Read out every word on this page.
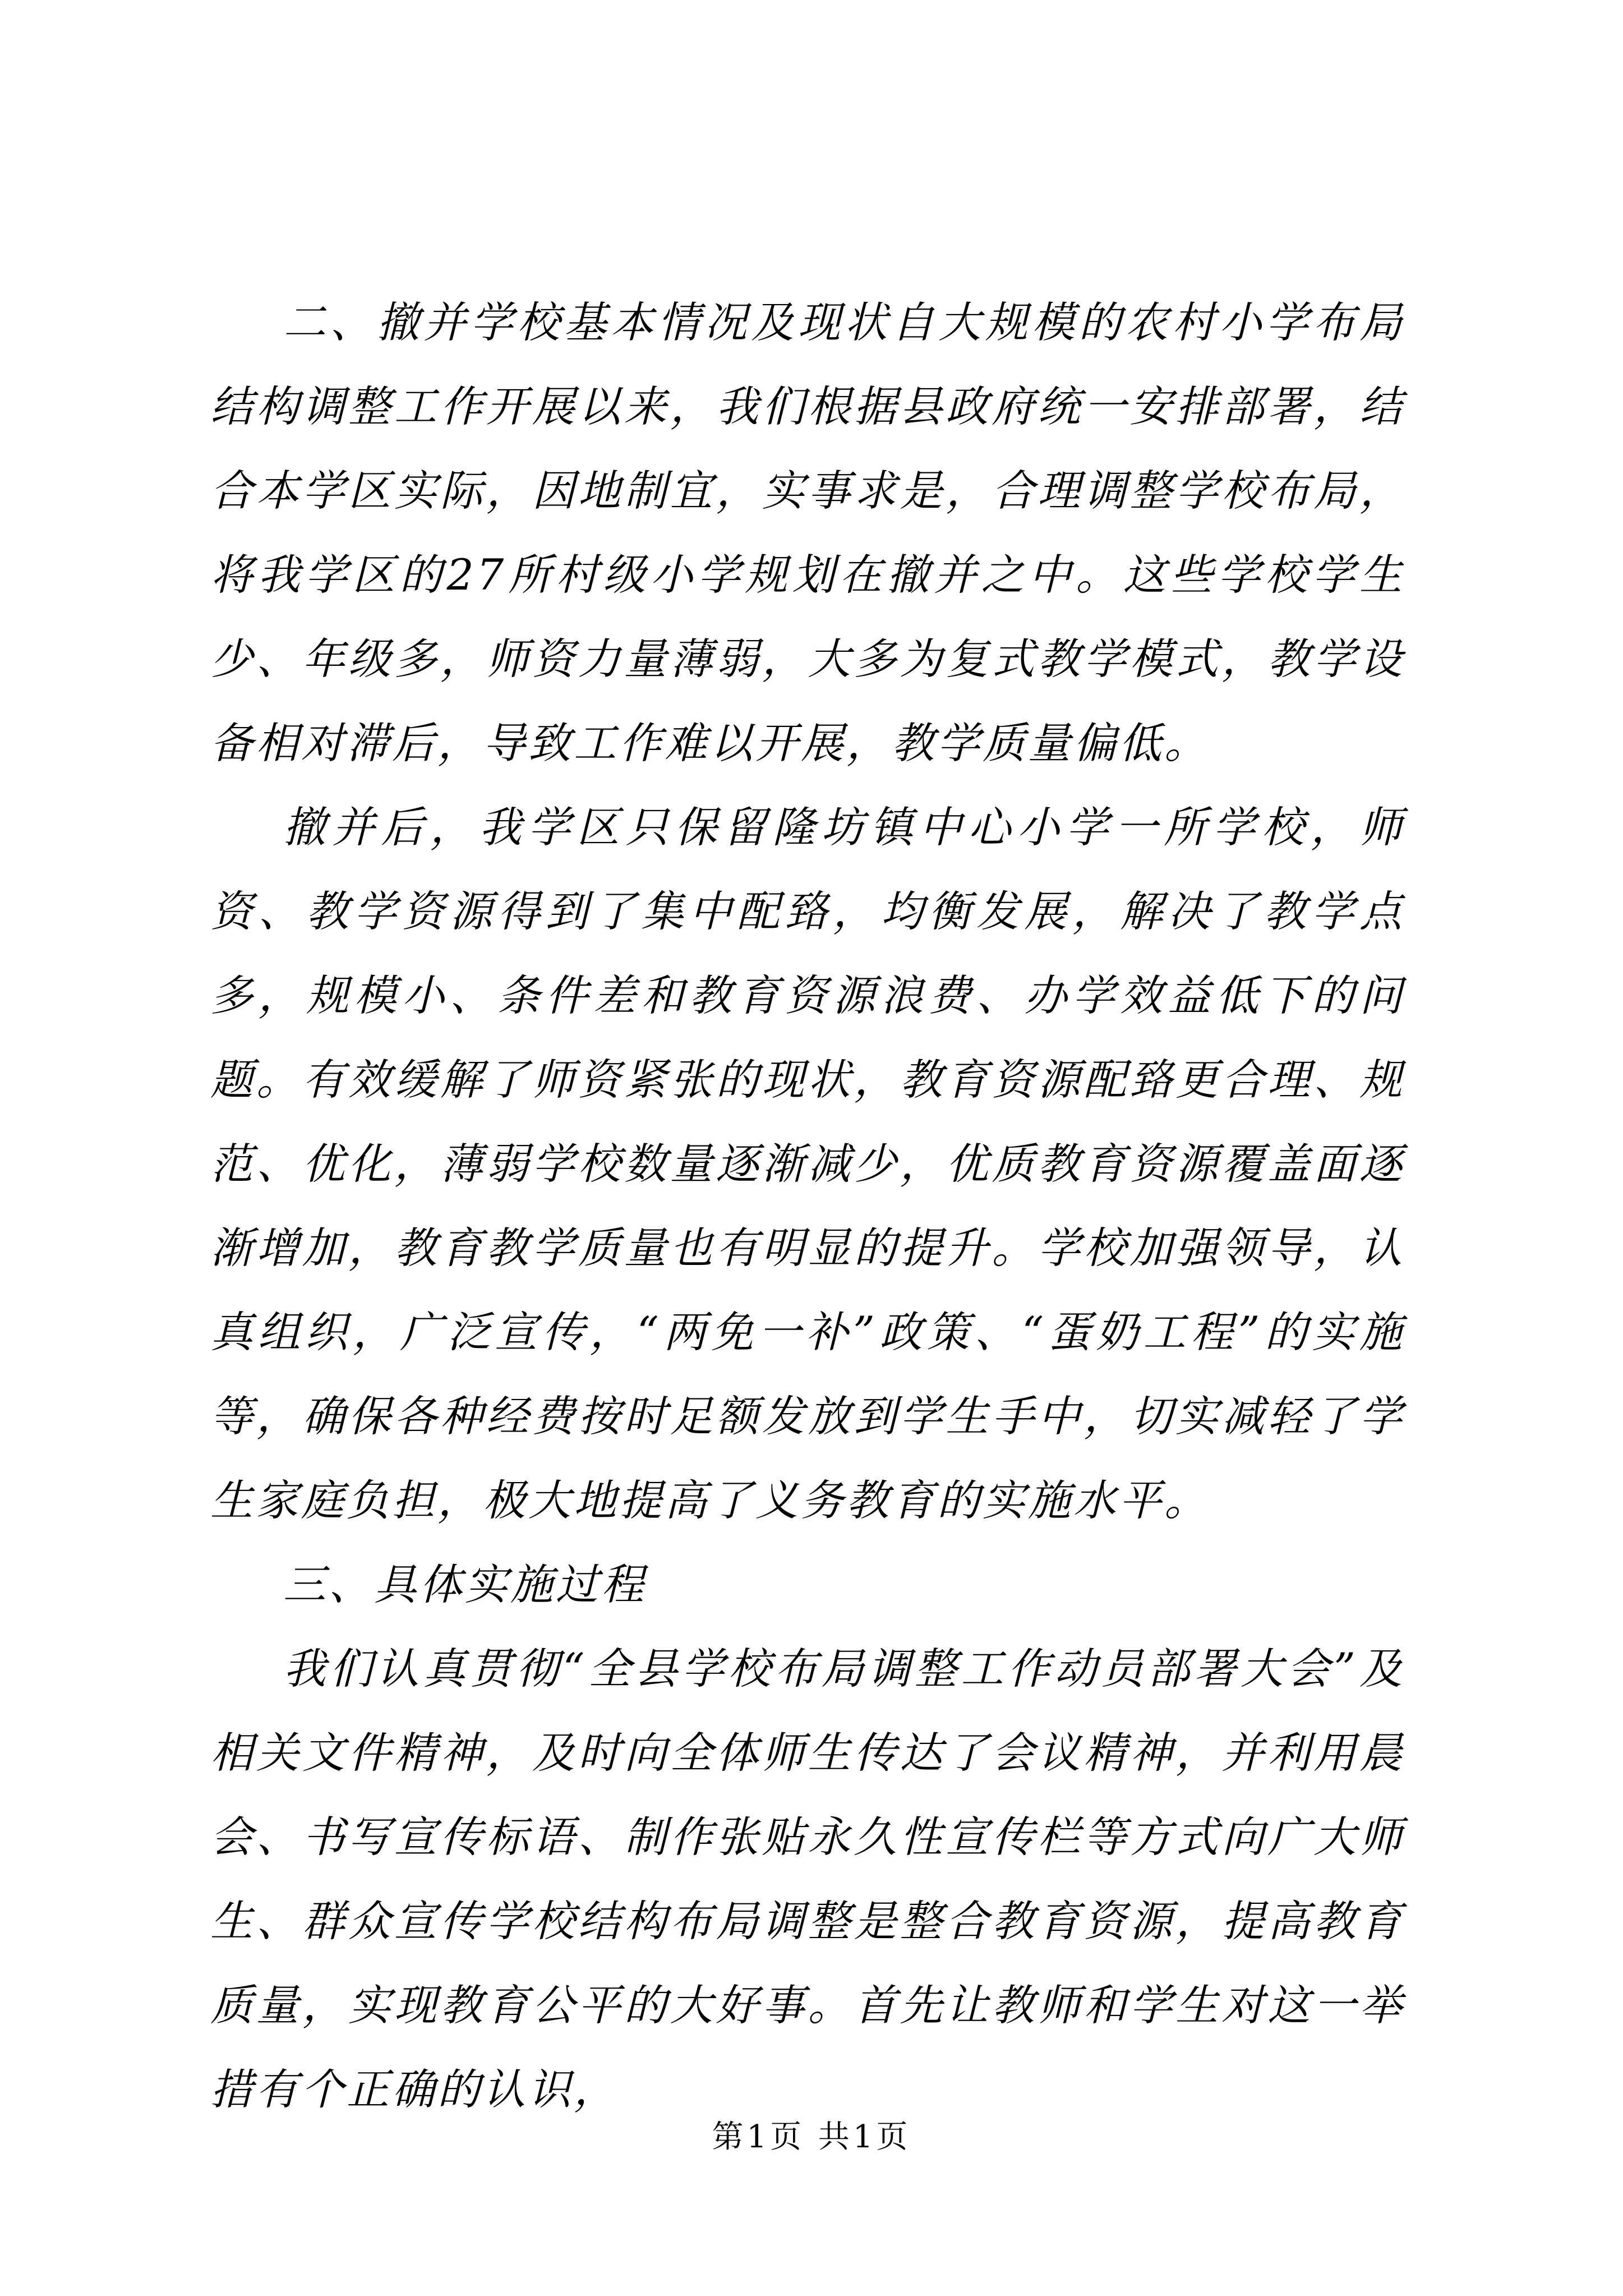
二、撤并学校基本情况及现状自大规模的农村小学布局结构调整工作开展以来，我们根据县政府统一安排部署，结合本学区实际，因地制宜，实事求是，合理调整学校布局，将我学区的27所村级小学规划在撤并之中。这些学校学生少、年级多，师资力量薄弱，大多为复式教学模式，教学设备相对滞后，导致工作难以开展，教学质量偏低。

撤并后，我学区只保留隆坊镇中心小学一所学校，师资、教学资源得到了集中配臵，均衡发展，解决了教学点多，规模小、条件差和教育资源浪费、办学效益低下的问题。有效缓解了师资紧张的现状，教育资源配臵更合理、规范、优化，薄弱学校数量逐渐减少，优质教育资源覆盖面逐渐增加，教育教学质量也有明显的提升。学校加强领导，认真组织，广泛宣传，“两免一补”政策、“蛋奶工程”的实施等，确保各种经费按时足额发放到学生手中，切实减轻了学生家庭负担，极大地提高了义务教育的实施水平。

三、具体实施过程

我们认真贯彻“全县学校布局调整工作动员部署大会”及相关文件精神，及时向全体师生传达了会议精神，并利用晨会、书写宣传标语、制作张贴永久性宣传栏等方式向广大师生、群众宣传学校结构布局调整是整合教育资源，提高教育质量，实现教育公平的大好事。首先让教师和学生对这一举措有个正确的认识，

第1页 共1页
